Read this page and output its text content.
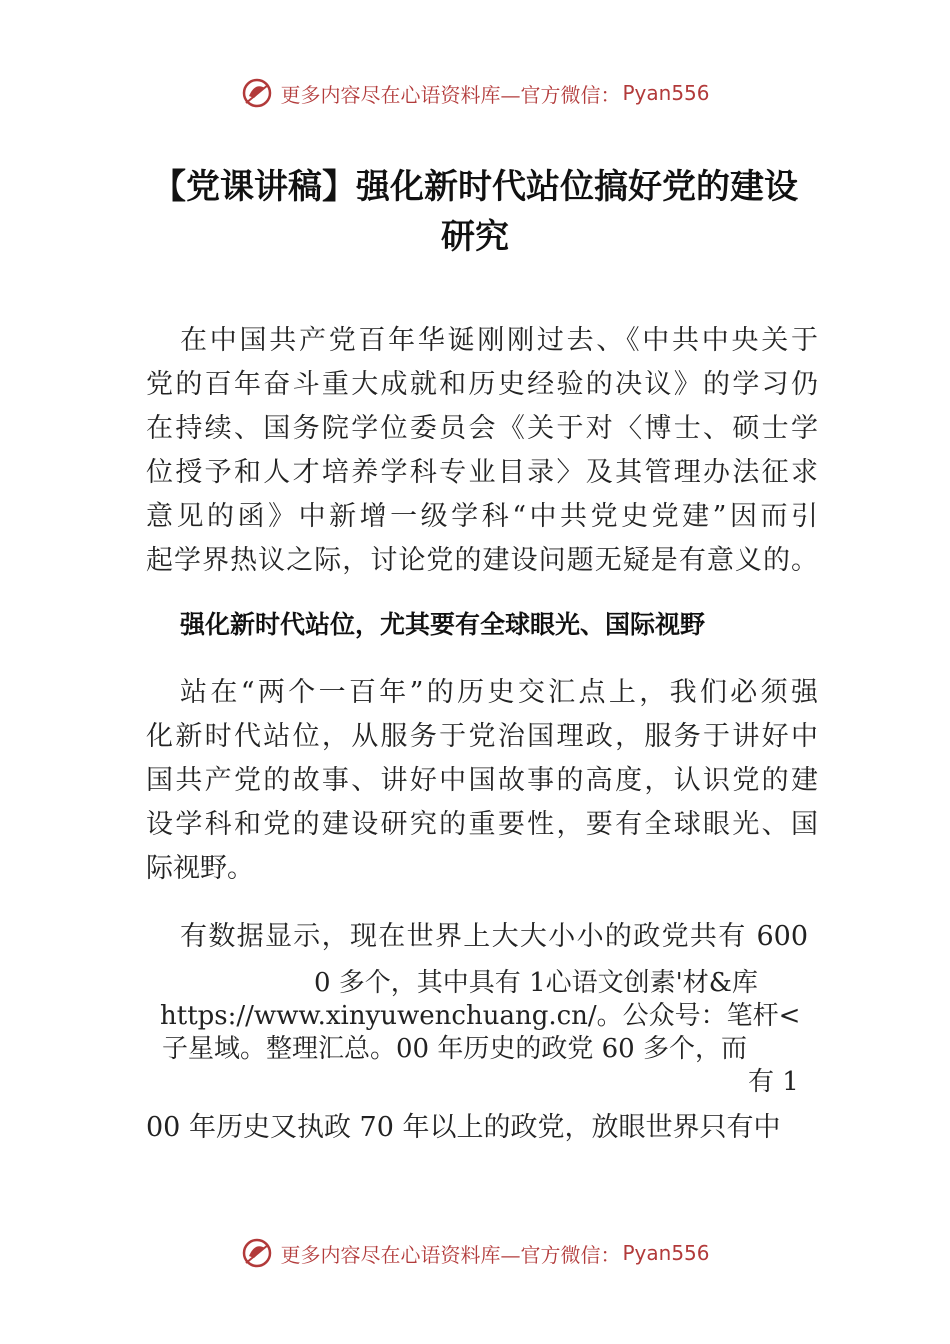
更多内容尽在心语资料库—官方微信： Pyan556
【党课讲稿】强化新时代站位搞好党的建设
研究
在中国共产党百年华诞刚刚过去、《中共中央关于
党的百年奋斗重大成就和历史经验的决议》的学习仍
在持续、国务院学位委员会《关于对〈博士、硕士学
位授予和人才培养学科专业目录〉及其管理办法征求
意见的函》中新增一级学科“中共党史党建”因而引
起学界热议之际，讨论党的建设问题无疑是有意义的。
强化新时代站位，尤其要有全球眼光、国际视野
站在“两个一百年”的历史交汇点上，我们必须强
化新时代站位，从服务于党治国理政，服务于讲好中
国共产党的故事、讲好中国故事的高度，认识党的建
设学科和党的建设研究的重要性，要有全球眼光、国
际视野。
有数据显示，现在世界上大大小小的政党共有 600
0 多个，其中具有 1心语文创素'材&库
https://www.xinyuwenchuang.cn/。公众号：笔杆<
子星域。整理汇总。00 年历史的政党 60 多个，而
有 1
00 年历史又执政 70 年以上的政党，放眼世界只有中
更多内容尽在心语资料库—官方微信： Pyan556
